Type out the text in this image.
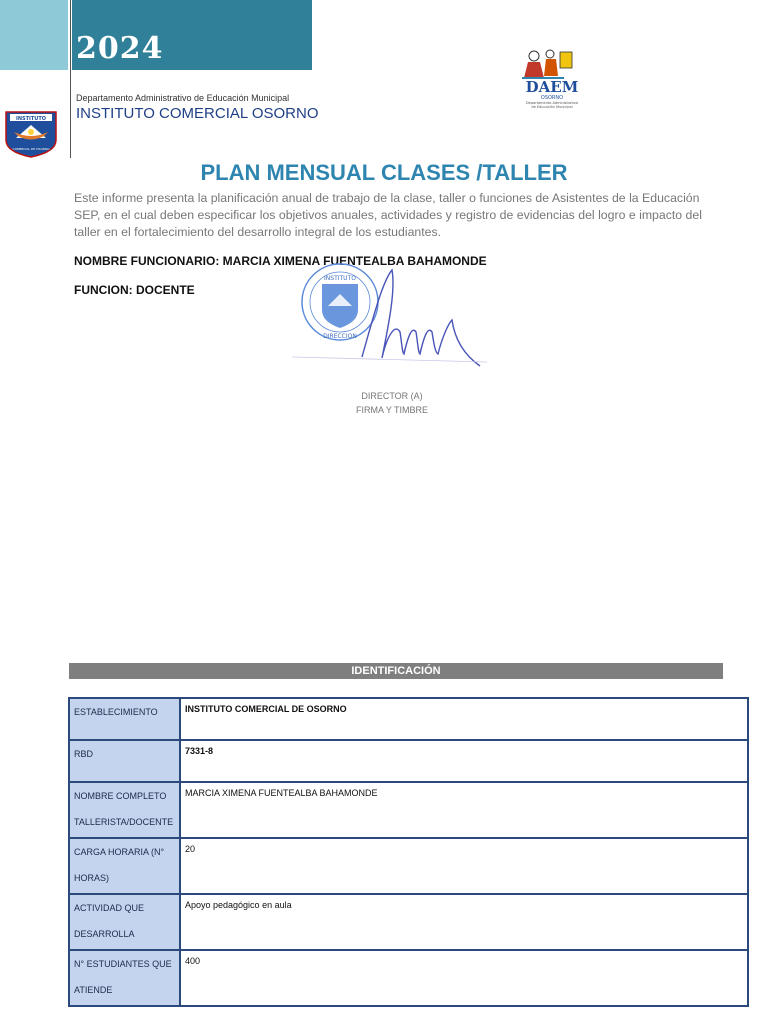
2024
Departamento Administrativo de Educación Municipal
INSTITUTO COMERCIAL OSORNO
INSTITUTO
COMERCIAL DE OSORNO
DAEM
OSORNO
Departamento Administrativo
de Educación Municipal
PLAN MENSUAL CLASES /TALLER
Este informe presenta la planificación anual de trabajo de la clase, taller o funciones de Asistentes de la Educación SEP, en el cual deben especificar los objetivos anuales, actividades y registro de evidencias del logro e impacto del taller en el fortalecimiento del desarrollo integral de los estudiantes.
NOMBRE FUNCIONARIO: MARCIA XIMENA FUENTEALBA BAHAMONDE
FUNCION: DOCENTE
INSTITUTO
DIRECCION
DIRECTOR (A)
FIRMA Y TIMBRE
IDENTIFICACIÓN
ESTABLECIMIENTO	INSTITUTO COMERCIAL DE OSORNO
RBD	7331-8
NOMBRE COMPLETO TALLERISTA/DOCENTE	MARCIA XIMENA FUENTEALBA BAHAMONDE
CARGA HORARIA (N° HORAS)	20
ACTIVIDAD QUE DESARROLLA	Apoyo pedagógico en aula
N° ESTUDIANTES QUE ATIENDE	400
